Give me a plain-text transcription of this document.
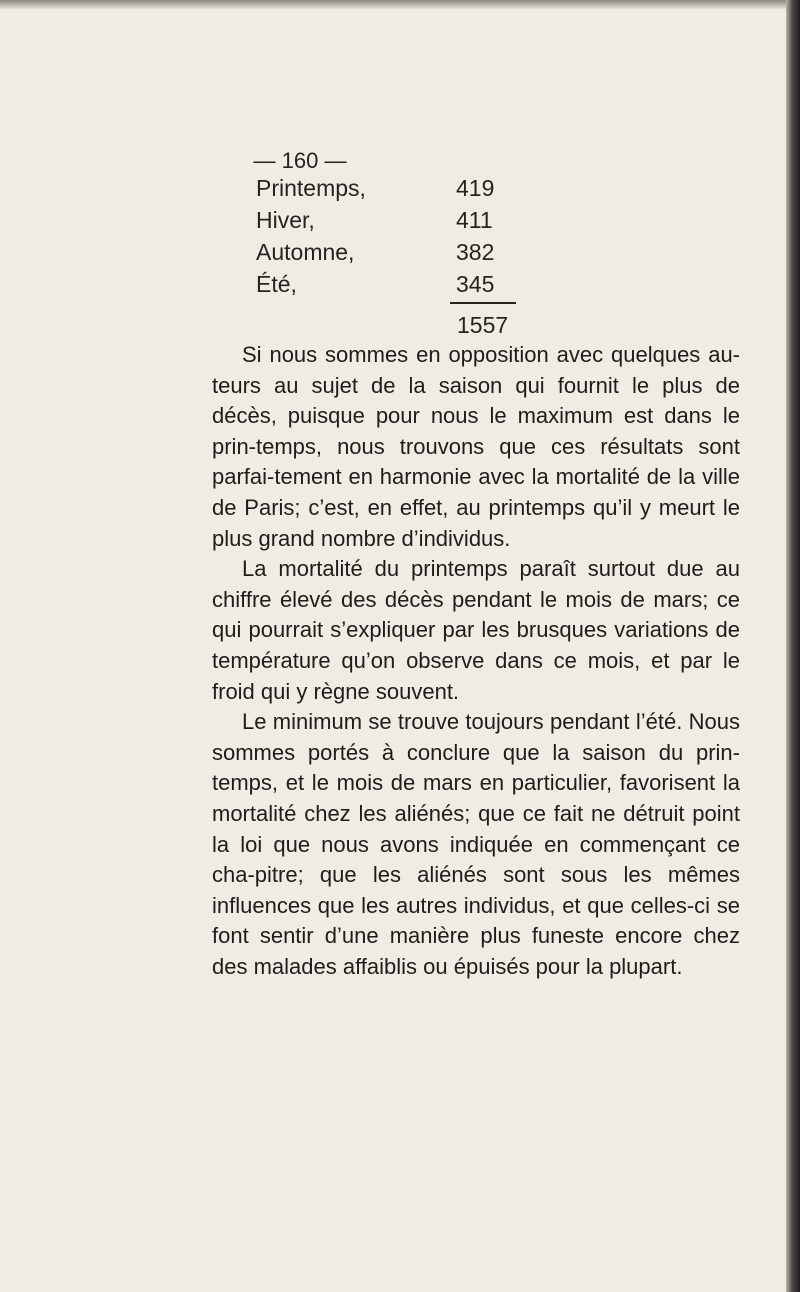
— 160 —
Printemps,	419
Hiver,	411
Automne,	382
Été,	345
1557

Si nous sommes en opposition avec quelques au-teurs au sujet de la saison qui fournit le plus de décès, puisque pour nous le maximum est dans le prin-temps, nous trouvons que ces résultats sont parfai-tement en harmonie avec la mortalité de la ville de Paris; c’est, en effet, au printemps qu’il y meurt le plus grand nombre d’individus.

La mortalité du printemps paraît surtout due au chiffre élevé des décès pendant le mois de mars; ce qui pourrait s’expliquer par les brusques variations de température qu’on observe dans ce mois, et par le froid qui y règne souvent.

Le minimum se trouve toujours pendant l’été. Nous sommes portés à conclure que la saison du prin-temps, et le mois de mars en particulier, favorisent la mortalité chez les aliénés; que ce fait ne détruit point la loi que nous avons indiquée en commençant ce cha-pitre; que les aliénés sont sous les mêmes influences que les autres individus, et que celles-ci se font sentir d’une manière plus funeste encore chez des malades affaiblis ou épuisés pour la plupart.
